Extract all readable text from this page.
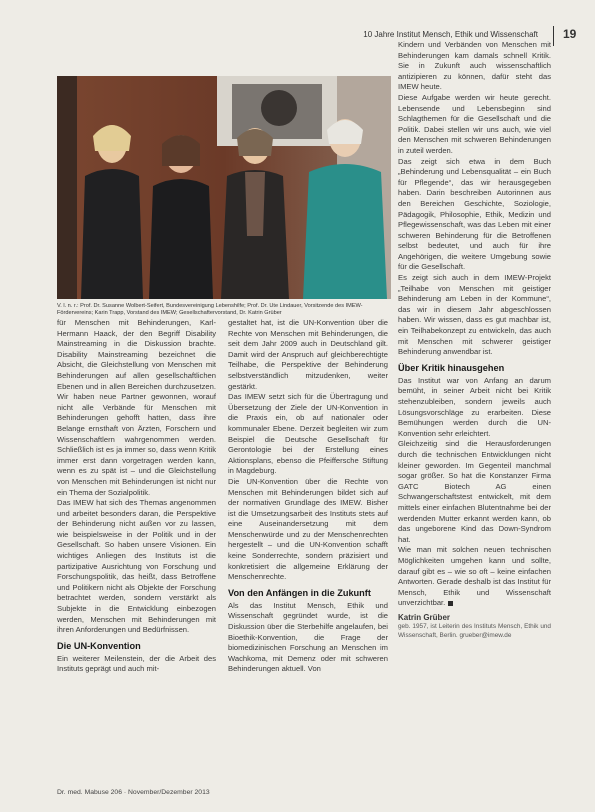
10 Jahre Institut Mensch, Ethik und Wissenschaft 19
V. l. n. r.: Prof. Dr. Susanne Wolbert-Seifert, Bundesvereinigung Lebenshilfe; Prof. Dr. Ute Lindauer, Vorsitzende des IMEW-Fördervereins; Karin Trapp, Vorstand des IMEW; Gesellschaftervorstand, Dr. Katrin Grüber

für Menschen mit Behinderungen, Karl-Hermann Haack, der den Begriff Disability Mainstreaming in die Diskussion brachte. Disability Mainstreaming bezeichnet die Absicht, die Gleichstellung von Menschen mit Behinderungen auf allen gesellschaftlichen Ebenen und in allen Bereichen durchzusetzen. Wir haben neue Partner gewonnen, worauf nicht alle Verbände für Menschen mit Behinderungen gehofft hatten, dass ihre Belange ernsthaft von Ärzten, Forschern und Wissenschaftlern wahrgenommen werden. Schließlich ist es ja immer so, dass wenn Kritik immer erst dann vorgetragen werden kann, wenn es zu spät ist – und die Gleichstellung von Menschen mit Behinderungen ist nicht nur ein Thema der Sozialpolitik.

Das IMEW hat sich des Themas angenommen und arbeitet besonders daran, die Perspektive der Behinderung nicht außen vor zu lassen, wie beispielsweise in der Politik und in der Gesellschaft. So haben unsere Visionen. Ein wichtiges Anliegen des Instituts ist die partizipative Ausrichtung von Forschung und Forschungspolitik, das heißt, dass Betroffene und Politikern nicht als Objekte der Forschung betrachtet werden, sondern verstärkt als Subjekte in die Entwicklung einbezogen werden, Menschen mit Behinderungen mit ihren Anforderungen und Bedürfnissen.

Die UN-Konvention

Ein weiterer Meilenstein, der die Arbeit des Instituts geprägt und auch mit-

gestaltet hat, ist die UN-Konvention über die Rechte von Menschen mit Behinderungen, die seit dem Jahr 2009 auch in Deutschland gilt. Damit wird der Anspruch auf gleichberechtigte Teilhabe, die Perspektive der Behinderung selbstverständlich mitzudenken, weiter gestärkt.

Das IMEW setzt sich für die Übertragung und Übersetzung der Ziele der UN-Konvention in die Praxis ein, ob auf nationaler oder kommunaler Ebene. Derzeit begleiten wir zum Beispiel die Deutsche Gesellschaft für Gerontologie bei der Erstellung eines Aktionsplans, ebenso die Pfeiffersche Stiftung in Magdeburg.

Die UN-Konvention über die Rechte von Menschen mit Behinderungen bildet sich auf der normativen Grundlage des IMEW. Bisher ist die Umsetzungsarbeit des Instituts stets auf eine Auseinandersetzung mit dem Menschenwürde und zu der Menschenrechten hergestellt – und die UN-Konvention schafft keine Sonderrechte, sondern präzisiert und konkretisiert die allgemeine Erklärung der Menschenrechte.

Von den Anfängen in die Zukunft

Als das Institut Mensch, Ethik und Wissenschaft gegründet wurde, ist die Diskussion über die Sterbehilfe angelaufen, bei Bioethik-Konvention, die Frage der biomedizinischen Forschung an Menschen im Wachkoma, mit Demenz oder mit schweren Behinderungen aktuell. Von

Kindern und Verbänden von Menschen mit Behinderungen kam damals schnell Kritik. Sie in Zukunft auch wissenschaftlich antizipieren zu können, dafür steht das IMEW heute.

Diese Aufgabe werden wir heute gerecht. Lebensende und Lebensbeginn sind Schlagthemen für die Gesellschaft und die Politik. Dabei stellen wir uns auch, wie viel den Menschen mit schweren Behinderungen in zuteil werden.

Das zeigt sich etwa in dem Buch „Behinderung und Lebensqualität – ein Buch für Pflegende“, das wir herausgegeben haben. Darin beschreiben Autorinnen aus den Bereichen Geschichte, Soziologie, Pädagogik, Philosophie, Ethik, Medizin und Pflegewissenschaft, was das Leben mit einer schweren Behinderung für die Betroffenen selbst bedeutet, und auch für ihre Angehörigen, die weitere Umgebung sowie für die Gesellschaft.

Es zeigt sich auch in dem IMEW-Projekt „Teilhabe von Menschen mit geistiger Behinderung am Leben in der Kommune“, das wir in diesem Jahr abgeschlossen haben. Wir wissen, dass es gut machbar ist, ein Teilhabekonzept zu entwickeln, das auch mit Menschen mit schwerer geistiger Behinderung anwendbar ist.

Über Kritik hinausgehen

Das Institut war von Anfang an darum bemüht, in seiner Arbeit nicht bei Kritik stehenzubleiben, sondern jeweils auch Lösungsvorschläge zu erarbeiten. Diese Bemühungen werden durch die UN-Konvention sehr erleichtert.

Gleichzeitig sind die Herausforderungen durch die technischen Entwicklungen nicht kleiner geworden. Im Gegenteil manchmal sogar größer. So hat die Konstanzer Firma GATC Biotech AG einen Schwangerschaftstest entwickelt, mit dem mittels einer einfachen Blutentnahme bei der werdenden Mutter erkannt werden kann, ob das ungeborene Kind das Down-Syndrom hat.

Wie man mit solchen neuen technischen Möglichkeiten umgehen kann und sollte, darauf gibt es – wie so oft – keine einfachen Antworten. Gerade deshalb ist das Institut für Mensch, Ethik und Wissenschaft unverzichtbar.

Katrin Grüber

geb. 1957, ist Leiterin des Instituts Mensch, Ethik und Wissenschaft, Berlin. grueber@imew.de

Dr. med. Mabuse 206 · November/Dezember 2013
